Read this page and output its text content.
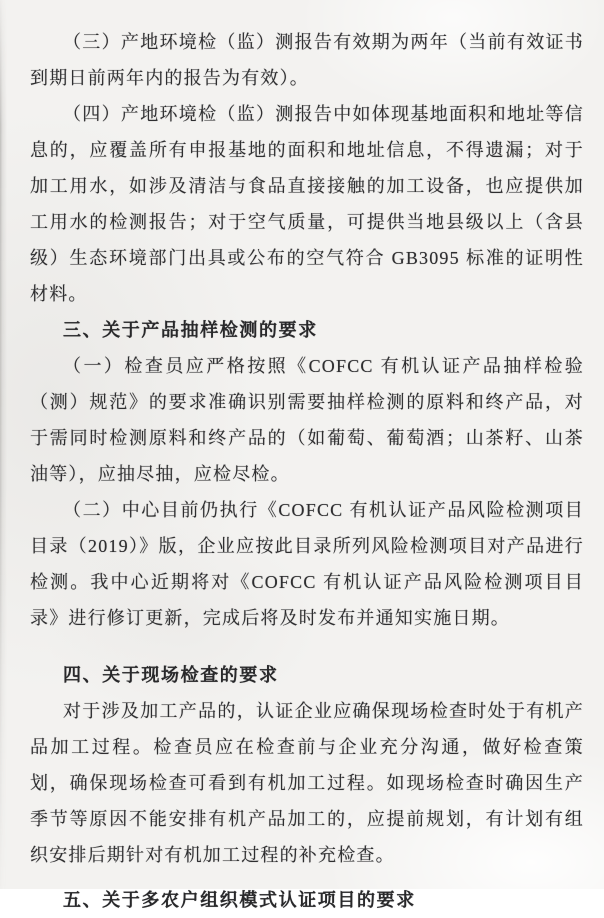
（三）产地环境检（监）测报告有效期为两年（当前有效证书到期日前两年内的报告为有效）。

（四）产地环境检（监）测报告中如体现基地面积和地址等信息的，应覆盖所有申报基地的面积和地址信息，不得遗漏；对于加工用水，如涉及清洁与食品直接接触的加工设备，也应提供加工用水的检测报告；对于空气质量，可提供当地县级以上（含县级）生态环境部门出具或公布的空气符合 GB3095 标准的证明性材料。

三、关于产品抽样检测的要求

（一）检查员应严格按照《COFCC 有机认证产品抽样检验（测）规范》的要求准确识别需要抽样检测的原料和终产品，对于需同时检测原料和终产品的（如葡萄、葡萄酒；山茶籽、山茶油等），应抽尽抽，应检尽检。

（二）中心目前仍执行《COFCC 有机认证产品风险检测项目目录（2019）》版，企业应按此目录所列风险检测项目对产品进行检测。我中心近期将对《COFCC 有机认证产品风险检测项目目录》进行修订更新，完成后将及时发布并通知实施日期。

四、关于现场检查的要求

对于涉及加工产品的，认证企业应确保现场检查时处于有机产品加工过程。检查员应在检查前与企业充分沟通，做好检查策划，确保现场检查可看到有机加工过程。如现场检查时确因生产季节等原因不能安排有机产品加工的，应提前规划，有计划有组织安排后期针对有机加工过程的补充检查。

五、关于多农户组织模式认证项目的要求
